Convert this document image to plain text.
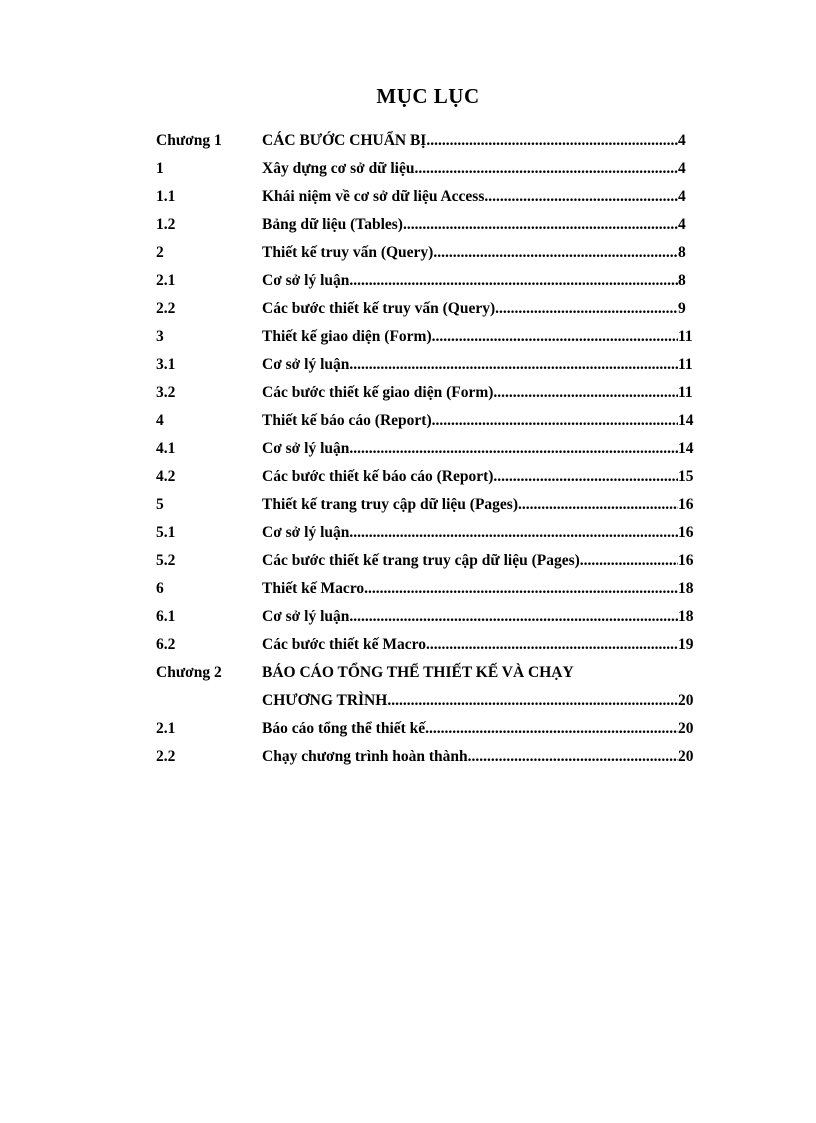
MỤC LỤC
Chương 1	CÁC BƯỚC CHUẨN BỊ .....	4
1	Xây dựng cơ sở dữ liệu .....	4
1.1	Khái niệm về cơ sở dữ liệu Access .....	4
1.2	Bảng dữ liệu (Tables) .....	4
2	Thiết kế truy vấn (Query) .....	8
2.1	Cơ sở lý luận .....	8
2.2	Các bước thiết kế truy vấn (Query) .....	9
3	Thiết kế giao diện (Form) .....	11
3.1	Cơ sở lý luận .....	11
3.2	Các bước thiết kế giao diện (Form) .....	11
4	Thiết kế báo cáo (Report) .....	14
4.1	Cơ sở lý luận .....	14
4.2	Các bước thiết kế báo cáo (Report) .....	15
5	Thiết kế trang truy cập dữ liệu (Pages) .....	16
5.1	Cơ sở lý luận .....	16
5.2	Các bước thiết kế trang truy cập dữ liệu (Pages) .....	16
6	Thiết kế Macro .....	18
6.1	Cơ sở lý luận .....	18
6.2	Các bước thiết kế Macro .....	19
Chương 2	BÁO CÁO TỔNG THỂ THIẾT KẾ VÀ CHẠY
CHƯƠNG TRÌNH .....	20
2.1	Báo cáo tổng thể thiết kế .....	20
2.2	Chạy chương trình hoàn thành .....	20
